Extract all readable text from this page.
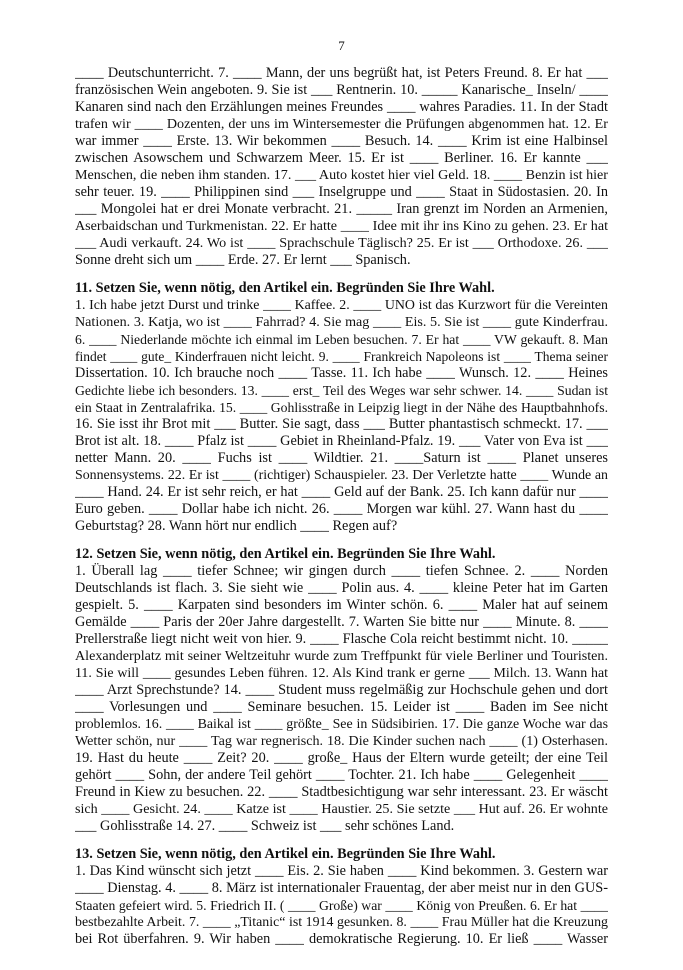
7
____ Deutschunterricht. 7. ____ Mann, der uns begrüßt hat, ist Peters Freund. 8. Er hat ___
französischen Wein angeboten. 9. Sie ist ___ Rentnerin. 10. _____ Kanarische_ Inseln/ ____
Kanaren sind nach den Erzählungen meines Freundes ____ wahres Paradies. 11. In der Stadt
trafen wir ____ Dozenten, der uns im Wintersemester die Prüfungen abgenommen hat. 12. Er
war immer ____ Erste. 13. Wir bekommen ____ Besuch. 14. ____ Krim ist eine Halbinsel
zwischen Asowschem und Schwarzem Meer. 15. Er ist ____ Berliner. 16. Er kannte ___
Menschen, die neben ihm standen. 17. ___ Auto kostet hier viel Geld. 18. ____ Benzin ist hier
sehr teuer. 19. ____ Philippinen sind ___ Inselgruppe und ____ Staat in Südostasien. 20. In
___ Mongolei hat er drei Monate verbracht. 21. _____ Iran grenzt im Norden an Armenien,
Aserbaidschan und Turkmenistan. 22. Er hatte ____ Idee mit ihr ins Kino zu gehen. 23. Er hat
___ Audi verkauft. 24. Wo ist ____ Sprachschule Täglisch? 25. Er ist ___ Orthodoxe. 26. ___
Sonne dreht sich um ____ Erde. 27. Er lernt ___ Spanisch.
11. Setzen Sie, wenn nötig, den Artikel ein. Begründen Sie Ihre Wahl.
1. Ich habe jetzt Durst und trinke ____ Kaffee. 2. ____ UNO ist das Kurzwort für die Vereinten
Nationen. 3. Katja, wo ist ____ Fahrrad? 4. Sie mag ____ Eis. 5. Sie ist ____ gute Kinderfrau.
6. ____ Niederlande möchte ich einmal im Leben besuchen. 7. Er hat ____ VW gekauft. 8. Man
findet ____ gute_ Kinderfrauen nicht leicht. 9. ____ Frankreich Napoleons ist ____ Thema seiner
Dissertation. 10. Ich brauche noch ____ Tasse. 11. Ich habe ____ Wunsch. 12. ____ Heines
Gedichte liebe ich besonders. 13. ____ erst_ Teil des Weges war sehr schwer. 14. ____ Sudan ist
ein Staat in Zentralafrika. 15. ____ Gohlisstraße in Leipzig liegt in der Nähe des Hauptbahnhofs.
16. Sie isst ihr Brot mit ___ Butter. Sie sagt, dass ___ Butter phantastisch schmeckt. 17. ___
Brot ist alt. 18. ____ Pfalz ist ____ Gebiet in Rheinland-Pfalz. 19. ___ Vater von Eva ist ___
netter Mann. 20. ____ Fuchs ist ____ Wildtier. 21. ____Saturn ist ____ Planet unseres
Sonnensystems. 22. Er ist ____ (richtiger) Schauspieler. 23. Der Verletzte hatte ____ Wunde an
____ Hand. 24. Er ist sehr reich, er hat ____ Geld auf der Bank. 25. Ich kann dafür nur ____
Euro geben. ____ Dollar habe ich nicht. 26. ____ Morgen war kühl. 27. Wann hast du ____
Geburtstag? 28. Wann hört nur endlich ____ Regen auf?
12. Setzen Sie, wenn nötig, den Artikel ein. Begründen Sie Ihre Wahl.
1. Überall lag ____ tiefer Schnee; wir gingen durch ____ tiefen Schnee. 2. ____ Norden
Deutschlands ist flach. 3. Sie sieht wie ____ Polin aus. 4. ____ kleine Peter hat im Garten
gespielt. 5. ____ Karpaten sind besonders im Winter schön. 6. ____ Maler hat auf seinem
Gemälde ____ Paris der 20er Jahre dargestellt. 7. Warten Sie bitte nur ____ Minute. 8. ____
Prellerstraße liegt nicht weit von hier. 9. ____ Flasche Cola reicht bestimmt nicht. 10. _____
Alexanderplatz mit seiner Weltzeituhr wurde zum Treffpunkt für viele Berliner und Touristen.
11. Sie will ____ gesundes Leben führen. 12. Als Kind trank er gerne ___ Milch. 13. Wann hat
____ Arzt Sprechstunde? 14. ____ Student muss regelmäßig zur Hochschule gehen und dort
____ Vorlesungen und ____ Seminare besuchen. 15. Leider ist ____ Baden im See nicht
problemlos. 16. ____ Baikal ist ____ größte_ See in Südsibirien. 17. Die ganze Woche war das
Wetter schön, nur ____ Tag war regnerisch. 18. Die Kinder suchen nach ____ (1) Osterhasen.
19. Hast du heute ____ Zeit? 20. ____ große_ Haus der Eltern wurde geteilt; der eine Teil
gehört ____ Sohn, der andere Teil gehört ____ Tochter. 21. Ich habe ____ Gelegenheit ____
Freund in Kiew zu besuchen. 22. ____ Stadtbesichtigung war sehr interessant. 23. Er wäscht
sich ____ Gesicht. 24. ____ Katze ist ____ Haustier. 25. Sie setzte ___ Hut auf. 26. Er wohnte
___ Gohlisstraße 14. 27. ____ Schweiz ist ___ sehr schönes Land.
13. Setzen Sie, wenn nötig, den Artikel ein. Begründen Sie Ihre Wahl.
1. Das Kind wünscht sich jetzt ____ Eis. 2. Sie haben ____ Kind bekommen. 3. Gestern war
____ Dienstag. 4. ____ 8. März ist internationaler Frauentag, der aber meist nur in den GUS-
Staaten gefeiert wird. 5. Friedrich II. ( ____ Große) war ____ König von Preußen. 6. Er hat ____
bestbezahlte Arbeit. 7. ____ „Titanic“ ist 1914 gesunken. 8. ____ Frau Müller hat die Kreuzung
bei Rot überfahren. 9. Wir haben ____ demokratische Regierung. 10. Er ließ ____ Wasser
